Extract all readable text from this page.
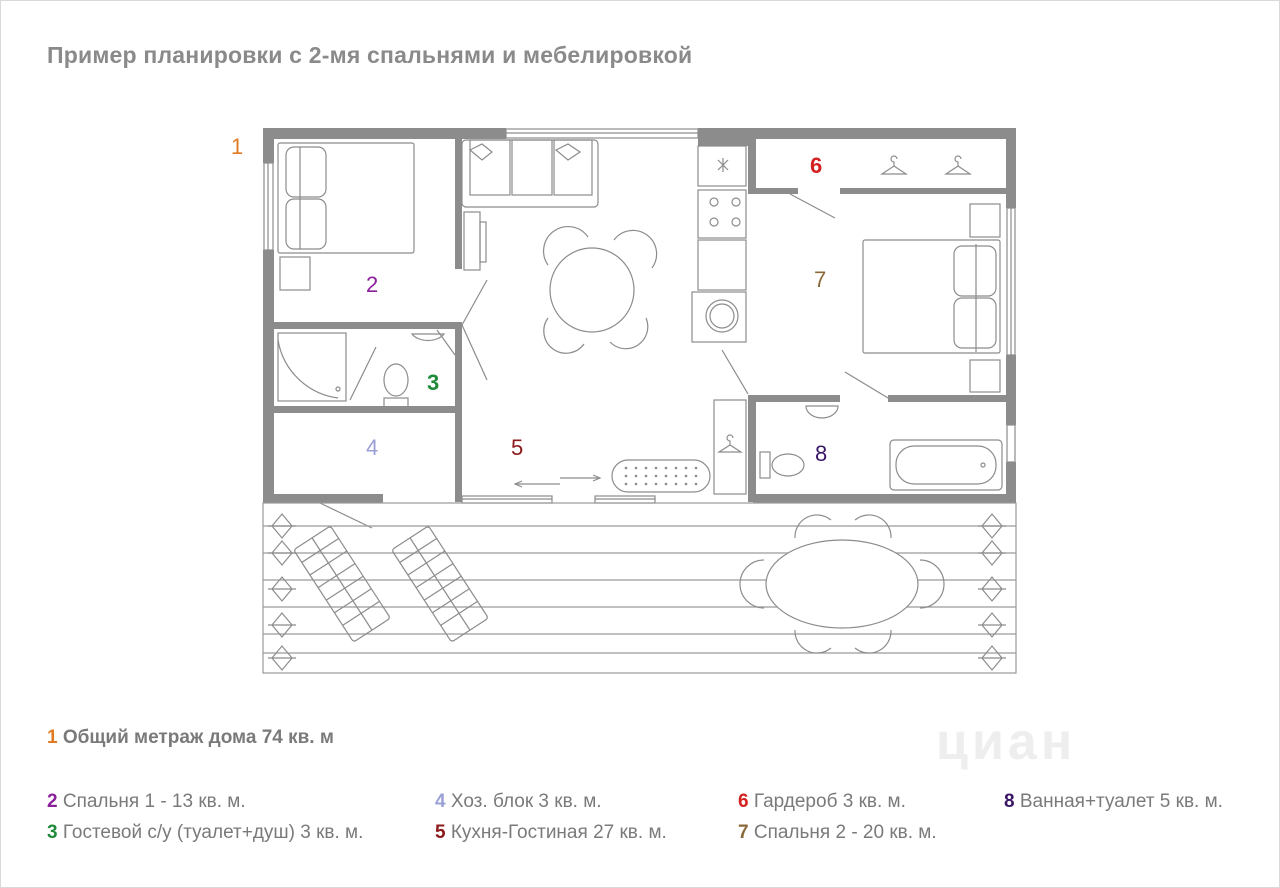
Пример планировки с 2-мя спальнями и мебелировкой
1
2
3
4	5
6
7
8
циан
1 Общий метраж дома 74 кв. м
2 Спальня 1 - 13 кв. м.
3 Гостевой с/у (туалет+душ) 3 кв. м.
4 Хоз. блок 3 кв. м.
5 Кухня-Гостиная 27 кв. м.
6 Гардероб 3 кв. м.
7 Спальня 2 - 20 кв. м.
8 Ванная+туалет 5 кв. м.
